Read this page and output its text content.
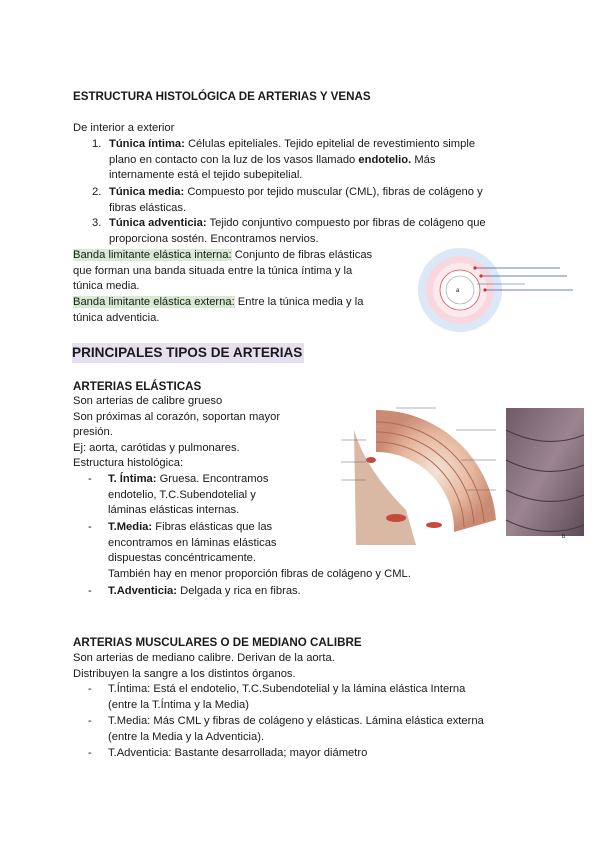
ESTRUCTURA HISTOLÓGICA DE ARTERIAS Y VENAS
De interior a exterior
1. Túnica íntima: Células epiteliales. Tejido epitelial de revestimiento simple
plano en contacto con la luz de los vasos llamado endotelio. Más
internamente está el tejido subepitelial.
2. Túnica media: Compuesto por tejido muscular (CML), fibras de colágeno y
fibras elásticas.
3. Túnica adventicia: Tejido conjuntivo compuesto por fibras de colágeno que
proporciona sostén. Encontramos nervios.
Banda limitante elástica interna: Conjunto de fibras elásticas
que forman una banda situada entre la túnica íntima y la
túnica media.
Banda limitante elástica externa: Entre la túnica media y la
túnica adventicia.
a
PRINCIPALES TIPOS DE ARTERIAS
ARTERIAS ELÁSTICAS
Son arterias de calibre grueso
Son próximas al corazón, soportan mayor
presión.
Ej: aorta, carótidas y pulmonares.
Estructura histológica:
- T. Íntima: Gruesa. Encontramos
endotelio, T.C.Subendotelial y
láminas elásticas internas.
- T.Media: Fibras elásticas que las
encontramos en láminas elásticas
dispuestas concéntricamente.
También hay en menor proporción fibras de colágeno y CML.
- T.Adventicia: Delgada y rica en fibras.
b
ARTERIAS MUSCULARES O DE MEDIANO CALIBRE
Son arterias de mediano calibre. Derivan de la aorta.
Distribuyen la sangre a los distintos órganos.
- T.Íntima: Está el endotelio, T.C.Subendotelial y la lámina elástica Interna
(entre la T.Íntima y la Media)
- T.Media: Más CML y fibras de colágeno y elásticas. Lámina elástica externa
(entre la Media y la Adventicia).
- T.Adventicia: Bastante desarrollada; mayor diámetro
